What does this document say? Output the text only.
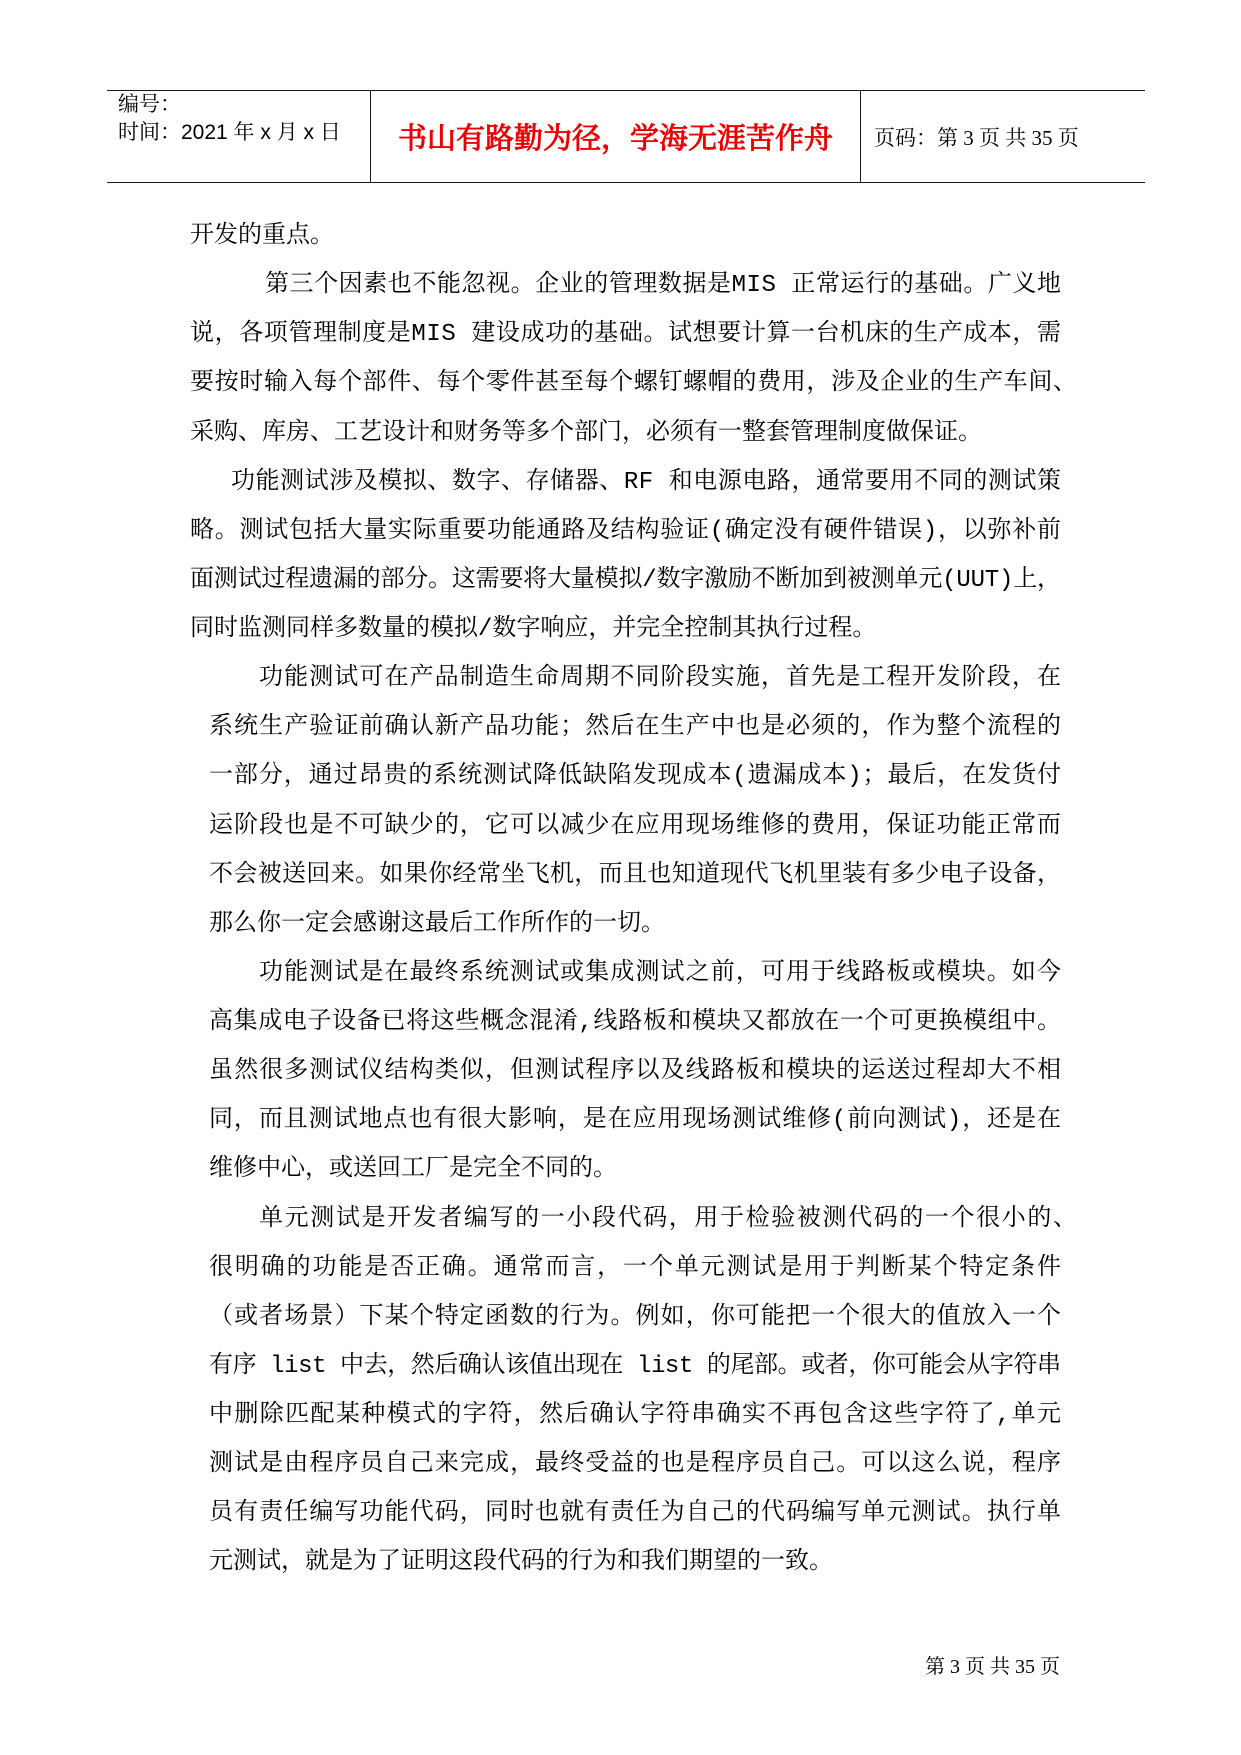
编号：
时间：2021 年 x 月 x 日	书山有路勤为径，学海无涯苦作舟	页码：第 3 页 共 35 页
开发的重点。
第三个因素也不能忽视。企业的管理数据是MIS 正常运行的基础。广义地
说，各项管理制度是MIS 建设成功的基础。试想要计算一台机床的生产成本，需
要按时输入每个部件、每个零件甚至每个螺钉螺帽的费用，涉及企业的生产车间、
采购、库房、工艺设计和财务等多个部门，必须有一整套管理制度做保证。
功能测试涉及模拟、数字、存储器、RF 和电源电路，通常要用不同的测试策
略。测试包括大量实际重要功能通路及结构验证(确定没有硬件错误)，以弥补前
面测试过程遗漏的部分。这需要将大量模拟/数字激励不断加到被测单元(UUT)上，
同时监测同样多数量的模拟/数字响应，并完全控制其执行过程。
功能测试可在产品制造生命周期不同阶段实施，首先是工程开发阶段，在
系统生产验证前确认新产品功能；然后在生产中也是必须的，作为整个流程的
一部分，通过昂贵的系统测试降低缺陷发现成本(遗漏成本)；最后，在发货付
运阶段也是不可缺少的，它可以减少在应用现场维修的费用，保证功能正常而
不会被送回来。如果你经常坐飞机，而且也知道现代飞机里装有多少电子设备，
那么你一定会感谢这最后工作所作的一切。
功能测试是在最终系统测试或集成测试之前，可用于线路板或模块。如今
高集成电子设备已将这些概念混淆,线路板和模块又都放在一个可更换模组中。
虽然很多测试仪结构类似，但测试程序以及线路板和模块的运送过程却大不相
同，而且测试地点也有很大影响，是在应用现场测试维修(前向测试)，还是在
维修中心，或送回工厂是完全不同的。
单元测试是开发者编写的一小段代码，用于检验被测代码的一个很小的、
很明确的功能是否正确。通常而言，一个单元测试是用于判断某个特定条件
（或者场景）下某个特定函数的行为。例如，你可能把一个很大的值放入一个
有序 list 中去，然后确认该值出现在 list 的尾部。或者，你可能会从字符串
中删除匹配某种模式的字符，然后确认字符串确实不再包含这些字符了,单元
测试是由程序员自己来完成，最终受益的也是程序员自己。可以这么说，程序
员有责任编写功能代码，同时也就有责任为自己的代码编写单元测试。执行单
元测试，就是为了证明这段代码的行为和我们期望的一致。
第 3 页 共 35 页
